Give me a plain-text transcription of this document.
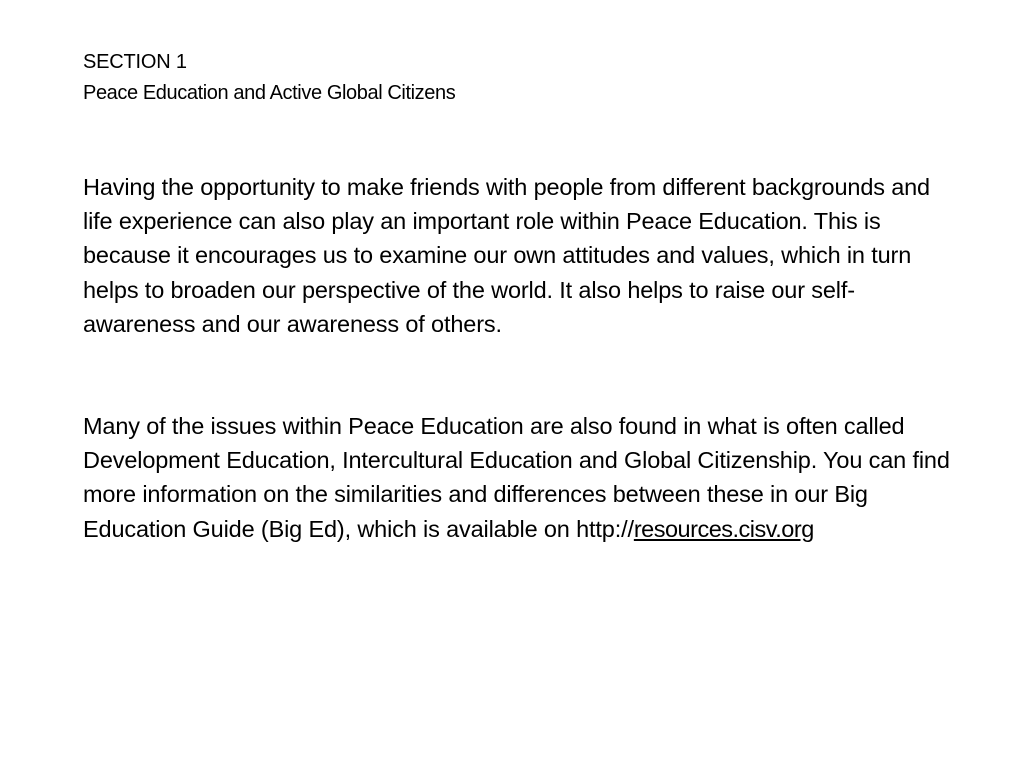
SECTION 1
Peace Education and Active Global Citizens

Having the opportunity to make friends with people from different backgrounds and life experience can also play an important role within Peace Education. This is because it encourages us to examine our own attitudes and values, which in turn helps to broaden our perspective of the world. It also helps to raise our self-awareness and our awareness of others.

Many of the issues within Peace Education are also found in what is often called Development Education, Intercultural Education and Global Citizenship. You can find more information on the similarities and differences between these in our Big Education Guide (Big Ed), which is available on http://resources.cisv.org
